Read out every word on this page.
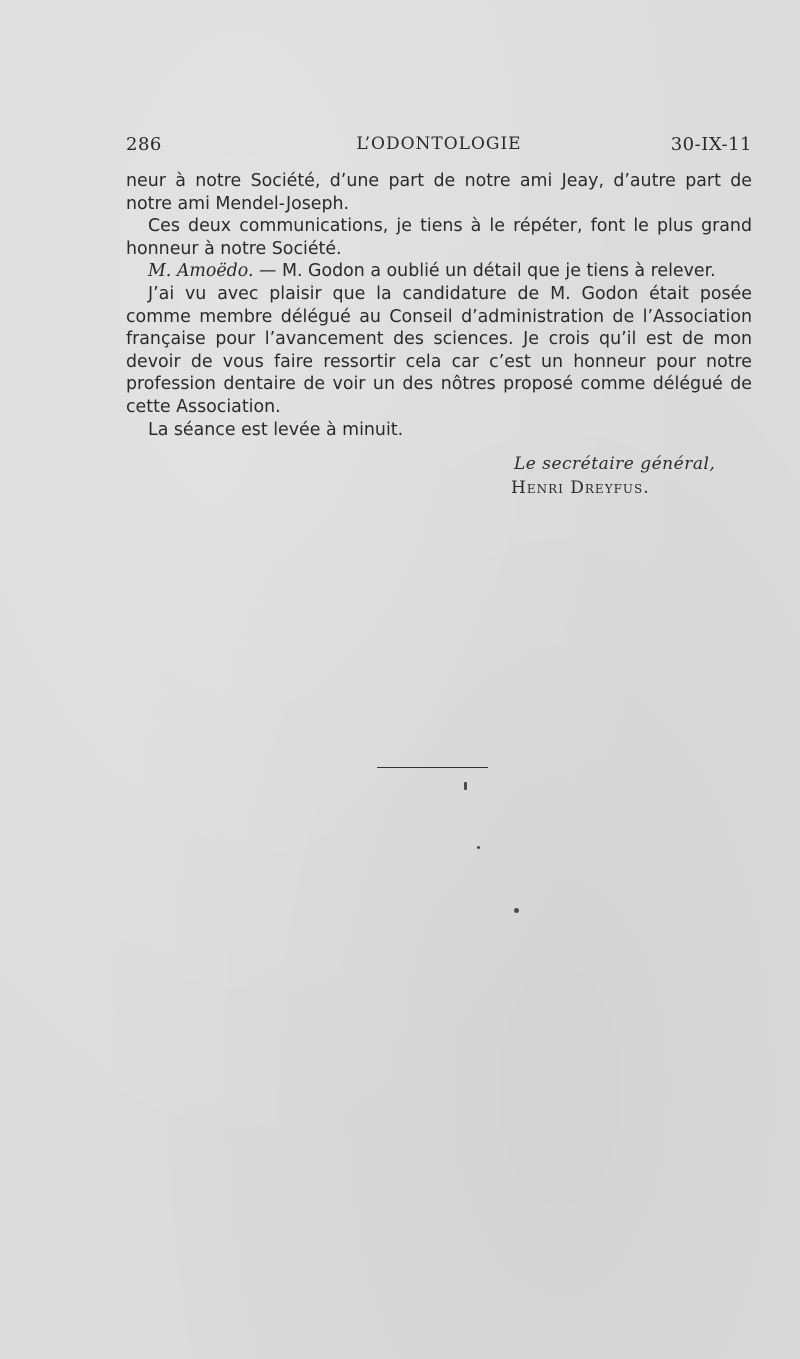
286	L’ODONTOLOGIE	30-IX-11

neur à notre Société, d’une part de notre ami Jeay, d’autre part de notre ami Mendel-Joseph.

Ces deux communications, je tiens à le répéter, font le plus grand honneur à notre Société.

M. Amoëdo. — M. Godon a oublié un détail que je tiens à relever.

J’ai vu avec plaisir que la candidature de M. Godon était posée comme membre délégué au Conseil d’administration de l’Association française pour l’avancement des sciences. Je crois qu’il est de mon devoir de vous faire ressortir cela car c’est un honneur pour notre profession dentaire de voir un des nôtres proposé comme délégué de cette Association.

La séance est levée à minuit.

Le secrétaire général,
Henri Dreyfus.
